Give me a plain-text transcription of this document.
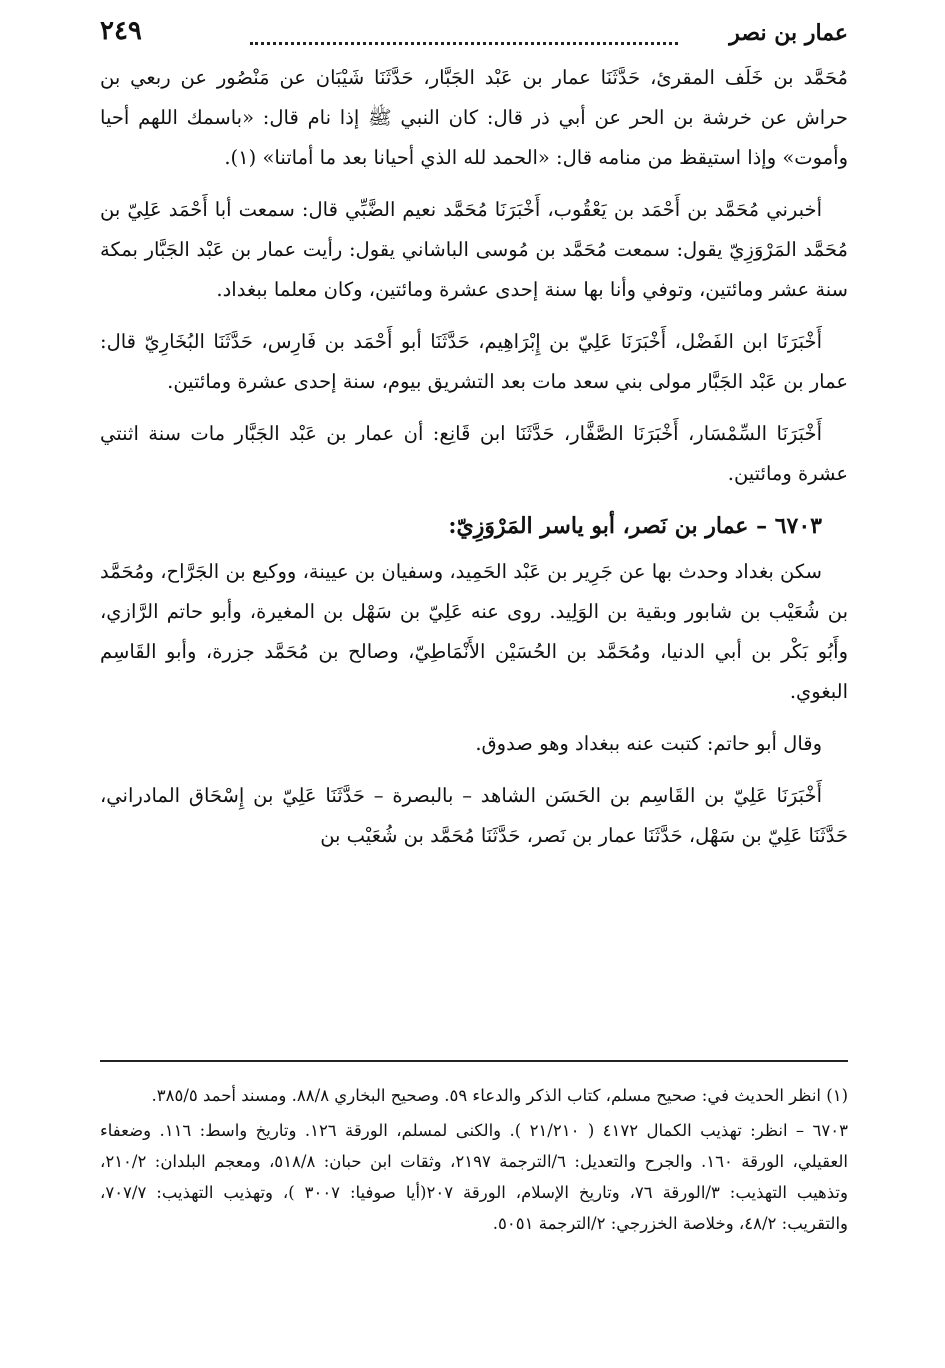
عمار بن نصر
٢٤٩

مُحَمَّد بن خَلَف المقرئ، حَدَّثَنَا عمار بن عَبْد الجَبَّار، حَدَّثَنَا شَيْبَان عن مَنْصُور عن ربعي بن حراش عن خرشة بن الحر عن أبي ذر قال: كان النبي ﷺ إذا نام قال: «باسمك اللهم أحيا وأموت» وإذا استيقظ من منامه قال: «الحمد لله الذي أحيانا بعد ما أماتنا» (١).

أخبرني مُحَمَّد بن أَحْمَد بن يَعْقُوب، أَخْبَرَنَا مُحَمَّد نعيم الضَّبِّي قال: سمعت أبا أَحْمَد عَلِيّ بن مُحَمَّد المَرْوَزِيّ يقول: سمعت مُحَمَّد بن مُوسى الباشاني يقول: رأيت عمار بن عَبْد الجَبَّار بمكة سنة عشر ومائتين، وتوفي وأنا بها سنة إحدى عشرة ومائتين، وكان معلما ببغداد.

أَخْبَرَنَا ابن الفَضْل، أَخْبَرَنَا عَلِيّ بن إِبْرَاهِيم، حَدَّثَنَا أبو أَحْمَد بن فَارِس، حَدَّثَنَا البُخَارِيّ قال: عمار بن عَبْد الجَبَّار مولى بني سعد مات بعد التشريق بيوم، سنة إحدى عشرة ومائتين.

أَخْبَرَنَا السِّمْسَار، أَخْبَرَنَا الصَّفَّار، حَدَّثَنَا ابن قَانِع: أن عمار بن عَبْد الجَبَّار مات سنة اثنتي عشرة ومائتين.

٦٧٠٣ – عمار بن نَصر، أبو ياسر المَرْوَزِيّ:

سكن بغداد وحدث بها عن جَرِير بن عَبْد الحَمِيد، وسفيان بن عيينة، ووكيع بن الجَرَّاح، ومُحَمَّد بن شُعَيْب بن شابور وبقية بن الوَلِيد. روى عنه عَلِيّ بن سَهْل بن المغيرة، وأبو حاتم الرَّازي، وأَبُو بَكْر بن أبي الدنيا، ومُحَمَّد بن الحُسَيْن الأَنْمَاطِيّ، وصالح بن مُحَمَّد جزرة، وأبو القَاسِم البغوي.

وقال أبو حاتم: كتبت عنه ببغداد وهو صدوق.

أَخْبَرَنَا عَلِيّ بن القَاسِم بن الحَسَن الشاهد – بالبصرة – حَدَّثَنَا عَلِيّ بن إِسْحَاق المادراني، حَدَّثَنَا عَلِيّ بن سَهْل، حَدَّثَنَا عمار بن نَصر، حَدَّثَنَا مُحَمَّد بن شُعَيْب بن

(١) انظر الحديث في: صحيح مسلم، كتاب الذكر والدعاء ٥٩. وصحيح البخاري ٨٨/٨. ومسند أحمد ٣٨٥/٥.

٦٧٠٣ – انظر: تهذيب الكمال ٤١٧٢ ( ٢١/٢١٠ ). والكنى لمسلم، الورقة ١٢٦. وتاريخ واسط: ١١٦. وضعفاء العقيلي، الورقة ١٦٠. والجرح والتعديل: ٦/الترجمة ٢١٩٧، وثقات ابن حبان: ٥١٨/٨، ومعجم البلدان: ٢١٠/٢، وتذهيب التهذيب: ٣/الورقة ٧٦، وتاريخ الإسلام، الورقة ٢٠٧(أيا صوفيا: ٣٠٠٧ )، وتهذيب التهذيب: ٧٠٧/٧، والتقريب: ٤٨/٢، وخلاصة الخزرجي: ٢/الترجمة ٥٠٥١.
